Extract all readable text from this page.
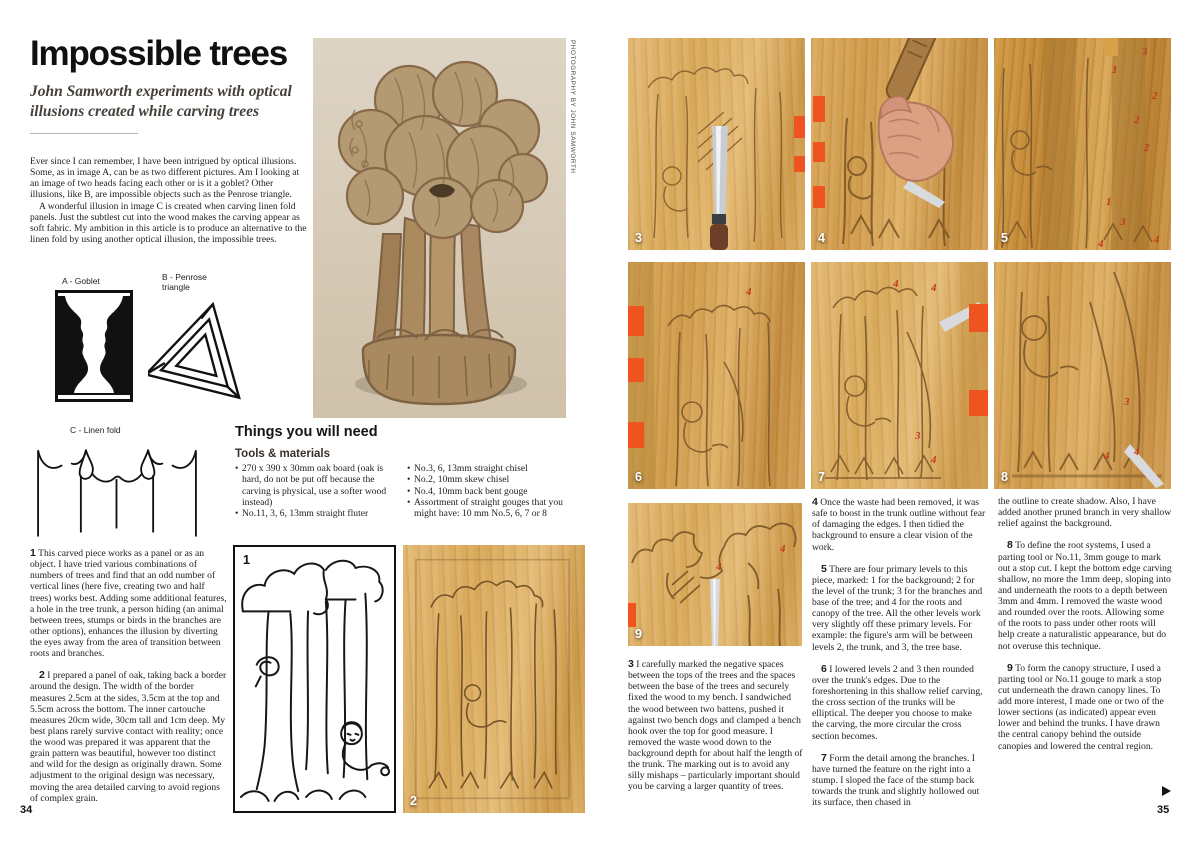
Impossible trees
John Samworth experiments with optical illusions created while carving trees

Ever since I can remember, I have been intrigued by optical illusions. Some, as in image A, can be as two different pictures. Am I looking at an image of two heads facing each other or is it a goblet? Other illusions, like B, are impossible objects such as the Penrose triangle.

A wonderful illusion in image C is created when carving linen fold panels. Just the subtlest cut into the wood makes the carving appear as soft fabric. My ambition in this article is to produce an alternative to the linen fold by using another optical illusion, the impossible trees.

A - Goblet	B - Penrose triangle
C - Linen fold	Things you will need
Tools & materials
• 270 x 390 x 30mm oak board (oak is hard, do not be put off because the carving is physical, use a softer wood instead)
• No.11, 3, 6, 13mm straight fluter
• No.3, 6, 13mm straight chisel
• No.2, 10mm skew chisel
• No.4, 10mm back bent gouge
• Assortment of straight gouges that you might have: 10 mm No.5, 6, 7 or 8

1 This carved piece works as a panel or as an object. I have tried various combinations of numbers of trees and find that an odd number of vertical lines (here five, creating two and half trees) works best. Adding some additional features, a hole in the tree trunk, a person hiding (an animal between trees, stumps or birds in the branches are other options), enhances the illusion by diverting the eyes away from the area of transition between roots and branches.

2 I prepared a panel of oak, taking back a border around the design. The width of the border measures 2.5cm at the sides, 3.5cm at the top and 5.5cm across the bottom. The inner cartouche measures 20cm wide, 30cm tall and 1cm deep. My best plans rarely survive contact with reality; once the wood was prepared it was apparent that the grain pattern was beautiful, however too distinct and wild for the design as originally drawn. Some adjustment to the original design was necessary, moving the area detailed carving to avoid regions of complex grain.

PHOTOGRAPHY BY JOHN SAMWORTH
1
2
34
3	4
3
1
2
2
2
1
3
4
4
5
4
6
4	4
3
4
7
3
4 4
8
4
4
9

3 I carefully marked the negative spaces between the tops of the trees and the spaces between the base of the trees and securely fixed the wood to my bench. I sandwiched the wood between two battens, pushed it against two bench dogs and clamped a bench hook over the top for good measure. I removed the waste wood down to the background depth for about half the length of the trunk. The marking out is to avoid any silly mishaps – particularly important should you be carving a larger quantity of trees.

4 Once the waste had been removed, it was safe to boost in the trunk outline without fear of damaging the edges. I then tidied the background to ensure a clear vision of the work.

5 There are four primary levels to this piece, marked: 1 for the background; 2 for the level of the trunk; 3 for the branches and base of the tree; and 4 for the roots and canopy of the tree. All the other levels work very slightly off these primary levels. For example: the figure's arm will be between levels 2, the trunk, and 3, the tree base.

6 I lowered levels 2 and 3 then rounded over the trunk's edges. Due to the foreshortening in this shallow relief carving, the cross section of the trunks will be elliptical. The deeper you choose to make the carving, the more circular the cross section becomes.

7 Form the detail among the branches. I have turned the feature on the right into a stump. I sloped the face of the stump back towards the trunk and slightly hollowed out its surface, then chased in

the outline to create shadow. Also, I have added another pruned branch in very shallow relief against the background.

8 To define the root systems, I used a parting tool or No.11, 3mm gouge to mark out a stop cut. I kept the bottom edge carving shallow, no more the 1mm deep, sloping into and underneath the roots to a depth between 3mm and 4mm. I removed the waste wood and rounded over the roots. Allowing some of the roots to pass under other roots will help create a naturalistic appearance, but do not overuse this technique.

9 To form the canopy structure, I used a parting tool or No.11 gouge to mark a stop cut underneath the drawn canopy lines. To add more interest, I made one or two of the lower sections (as indicated) appear even lower and behind the trunks. I have drawn the central canopy behind the outside canopies and lowered the central region.

35
